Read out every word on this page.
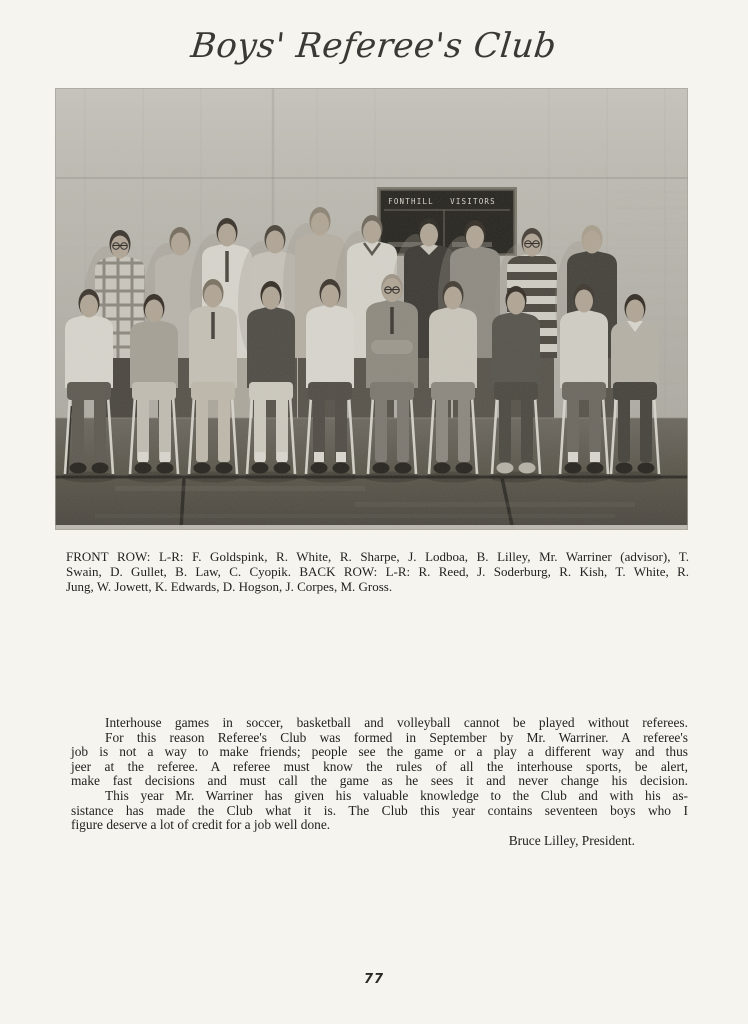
Boys' Referee's Club
FONTHILL VISITORS
FRONT ROW: L-R: F. Goldspink, R. White, R. Sharpe, J. Lodboa, B. Lilley, Mr. Warriner (advisor), T.
Swain, D. Gullet, B. Law, C. Cyopik. BACK ROW: L-R: R. Reed, J. Soderburg, R. Kish, T. White, R.
Jung, W. Jowett, K. Edwards, D. Hogson, J. Corpes, M. Gross.
Interhouse games in soccer, basketball and volleyball cannot be played without referees.
For this reason Referee's Club was formed in September by Mr. Warriner. A referee's
job is not a way to make friends; people see the game or a play a different way and thus
jeer at the referee. A referee must know the rules of all the interhouse sports, be alert,
make fast decisions and must call the game as he sees it and never change his decision.
This year Mr. Warriner has given his valuable knowledge to the Club and with his as-
sistance has made the Club what it is. The Club this year contains seventeen boys who I
figure deserve a lot of credit for a job well done.
Bruce Lilley, President.
77
